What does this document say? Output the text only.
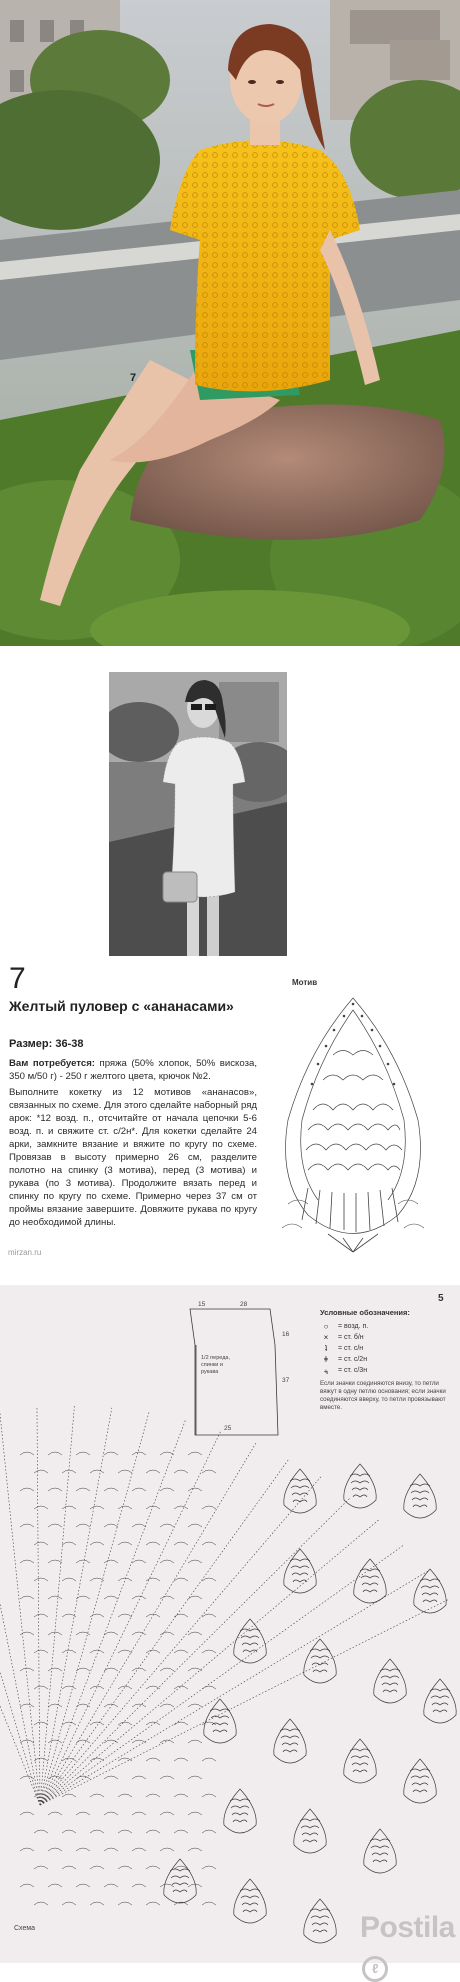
7
7
Желтый пуловер с «ананасами»
Размер: 36-38

Вам потребуется: пряжа (50% хлопок, 50% вискоза, 350 м/50 г) - 250 г желтого цвета, крючок №2.

Выполните кокетку из 12 мотивов «ананасов», связанных по схеме. Для этого сделайте наборный ряд арок: *12 возд. п., отсчитайте от начала цепочки 5-6 возд. п. и свяжите ст. с/2н*. Для кокетки сделайте 24 арки, замкните вязание и вяжите по кругу по схеме. Провязав в высоту примерно 26 см, разделите полотно на спинку (3 мотива), перед (3 мотива) и рукава (по 3 мотива). Продолжите вязать перед и спинку по кругу по схеме. Примерно через 37 см от проймы вязание завершите. Довяжите рукава по кругу до необходимой длины.

Мотив
mirzan.ru
5
15	28
16
37
25
1/2 переда, спинки и рукава
Условные обозначения:
○	= возд. п.
×	= ст. б/н
ʇ	= ст. с/н
ǂ	= ст. с/2н
⨧	= ст. с/3н
Если значки соединяются внизу, то петли вяжут в одну петлю основания; если значки соединяются вверху, то петли провязывают вместе.
Схема	Postilaℓ
